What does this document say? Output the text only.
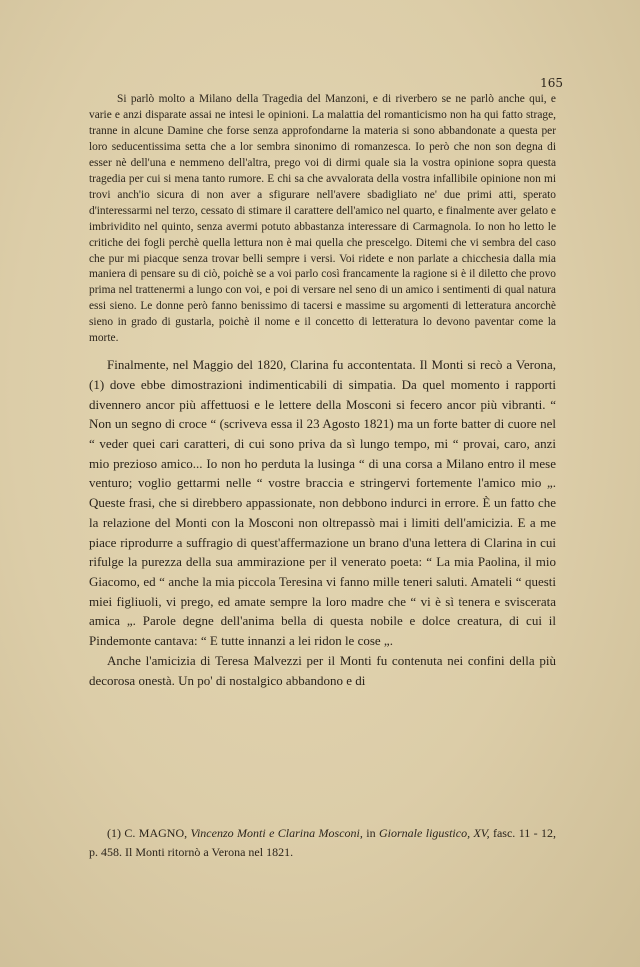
165

Si parlò molto a Milano della Tragedia del Manzoni, e di riverbero se ne parlò anche qui, e varie e anzi disparate assai ne intesi le opinioni. La malattia del romanticismo non ha qui fatto strage, tranne in alcune Damine che forse senza approfondarne la materia si sono abbandonate a questa per loro seducentissima setta che a lor sembra sinonimo di romanzesca. Io però che non son degna di esser nè dell'una e nemmeno dell'altra, prego voi di dirmi quale sia la vostra opinione sopra questa tragedia per cui si mena tanto rumore. E chi sa che avvalorata della vostra infallibile opinione non mi trovi anch'io sicura di non aver a sfigurare nell'avere sbadigliato ne' due primi atti, sperato d'interessarmi nel terzo, cessato di stimare il carattere dell'amico nel quarto, e finalmente aver gelato e imbrividito nel quinto, senza avermi potuto abbastanza interessare di Carmagnola. Io non ho letto le critiche dei fogli perchè quella lettura non è mai quella che prescelgo. Ditemi che vi sembra del caso che pur mi piacque senza trovar belli sempre i versi. Voi ridete e non parlate a chicchesia dalla mia maniera di pensare su di ciò, poichè se a voi parlo così francamente la ragione si è il diletto che provo prima nel trattenermi a lungo con voi, e poi di versare nel seno di un amico i sentimenti di qual natura essi sieno. Le donne però fanno benissimo di tacersi e massime su argomenti di letteratura ancorchè sieno in grado di gustarla, poichè il nome e il concetto di letteratura lo devono paventar come la morte.

Finalmente, nel Maggio del 1820, Clarina fu accontentata. Il Monti si recò a Verona, (1) dove ebbe dimostrazioni indimenticabili di simpatia. Da quel momento i rapporti divennero ancor più affettuosi e le lettere della Mosconi si fecero ancor più vibranti. “ Non un segno di croce “ (scriveva essa il 23 Agosto 1821) ma un forte batter di cuore nel “ veder quei cari caratteri, di cui sono priva da sì lungo tempo, mi “ provai, caro, anzi mio prezioso amico... Io non ho perduta la lusinga “ di una corsa a Milano entro il mese venturo; voglio gettarmi nelle “ vostre braccia e stringervi fortemente l'amico mio „. Queste frasi, che si direbbero appassionate, non debbono indurci in errore. È un fatto che la relazione del Monti con la Mosconi non oltrepassò mai i limiti dell'amicizia. E a me piace riprodurre a suffragio di quest'affermazione un brano d'una lettera di Clarina in cui rifulge la purezza della sua ammirazione per il venerato poeta: “ La mia Paolina, il mio Giacomo, ed “ anche la mia piccola Teresina vi fanno mille teneri saluti. Amateli “ questi miei figliuoli, vi prego, ed amate sempre la loro madre che “ vi è sì tenera e sviscerata amica „. Parole degne dell'anima bella di questa nobile e dolce creatura, di cui il Pindemonte cantava: “ E tutte innanzi a lei ridon le cose „.

Anche l'amicizia di Teresa Malvezzi per il Monti fu contenuta nei confini della più decorosa onestà. Un po' di nostalgico abbandono e di

(1) C. MAGNO, Vincenzo Monti e Clarina Mosconi, in Giornale ligustico, XV, fasc. 11 - 12, p. 458. Il Monti ritornò a Verona nel 1821.
